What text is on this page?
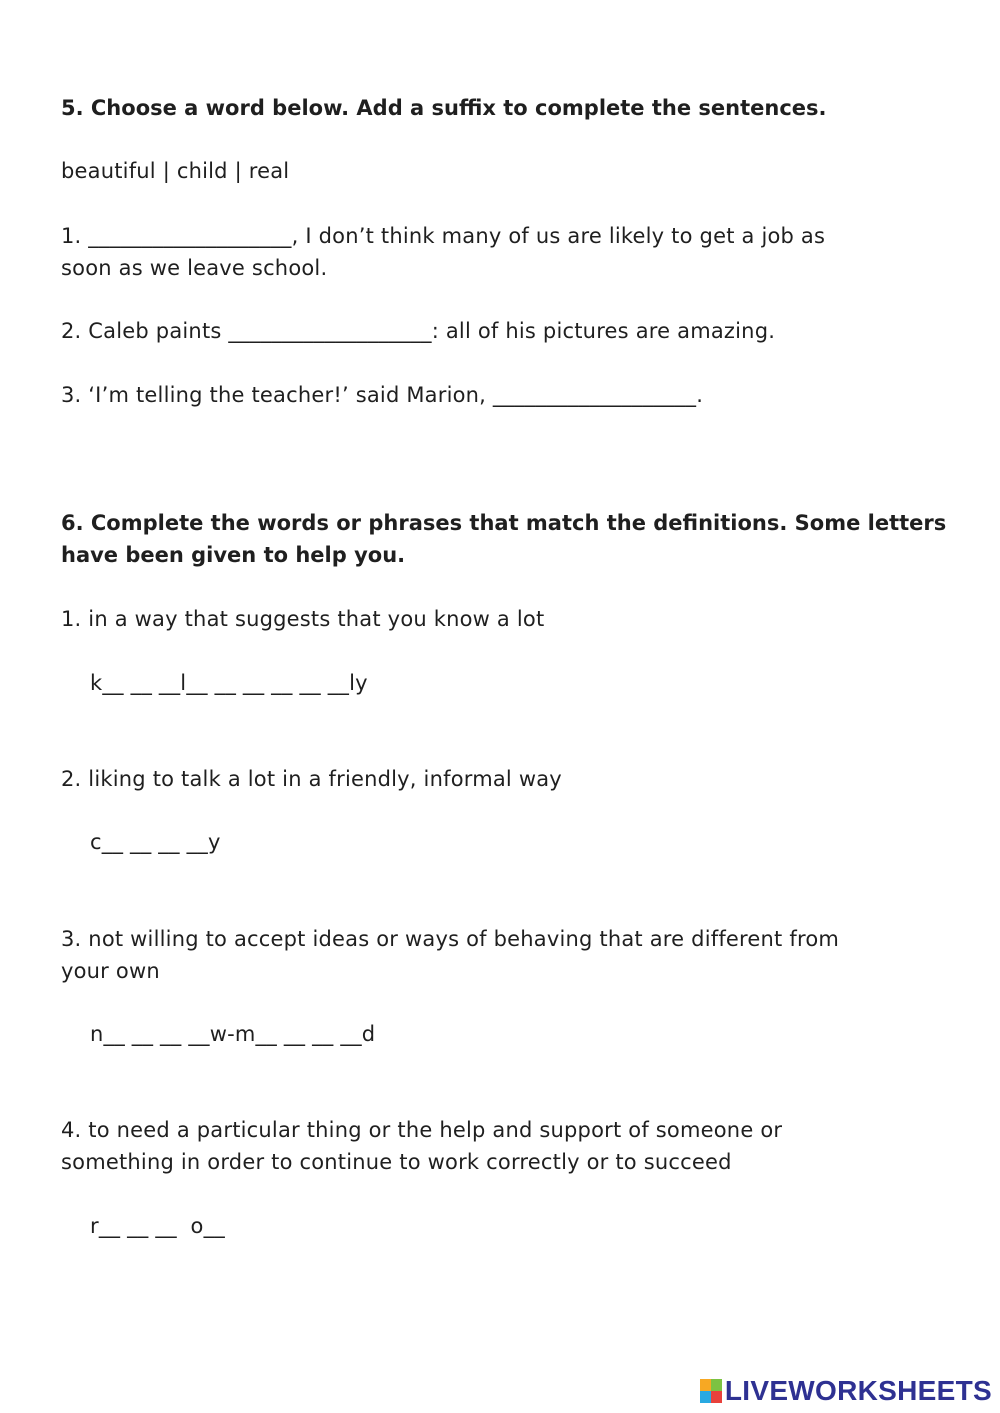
5. Choose a word below. Add a suffix to complete the sentences.
beautiful | child | real
1. ___________________, I don’t think many of us are likely to get a job as
soon as we leave school.
2. Caleb paints ___________________: all of his pictures are amazing.
3. ‘I’m telling the teacher!’ said Marion, ___________________.
6. Complete the words or phrases that match the definitions. Some letters
have been given to help you.
1. in a way that suggests that you know a lot
k__ __ __l__ __ __ __ __ __ly
2. liking to talk a lot in a friendly, informal way
c__ __ __ __y
3. not willing to accept ideas or ways of behaving that are different from
your own
n__ __ __ __w-m__ __ __ __d
4. to need a particular thing or the help and support of someone or
something in order to continue to work correctly or to succeed
r__ __ __  o__
LIVEWORKSHEETS
